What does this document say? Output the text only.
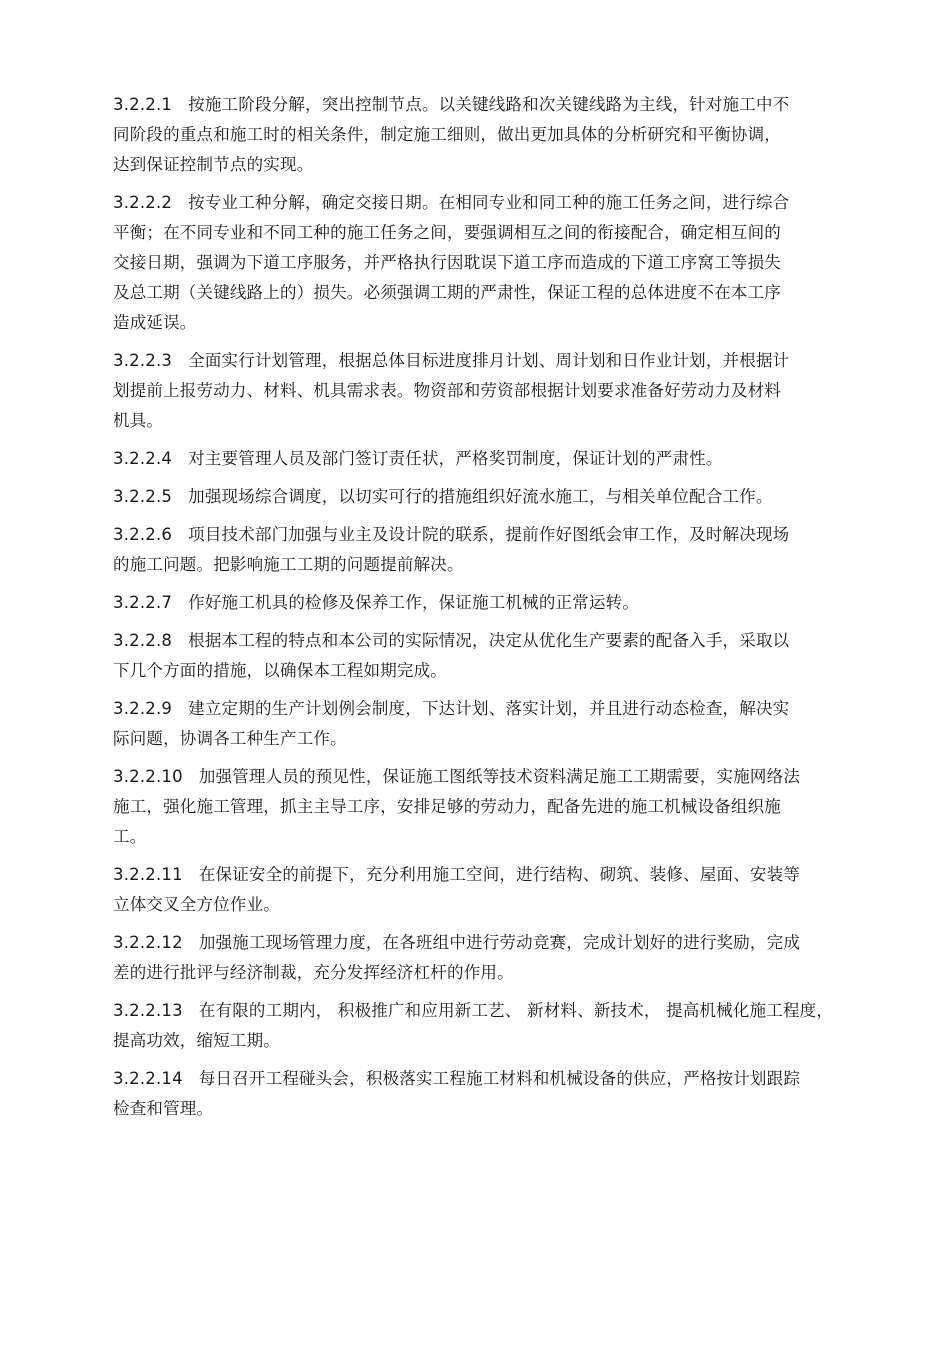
3.2.2.1 按施工阶段分解，突出控制节点。以关键线路和次关键线路为主线，针对施工中不
同阶段的重点和施工时的相关条件，制定施工细则，做出更加具体的分析研究和平衡协调，
达到保证控制节点的实现。
3.2.2.2 按专业工种分解，确定交接日期。在相同专业和同工种的施工任务之间，进行综合
平衡；在不同专业和不同工种的施工任务之间，要强调相互之间的衔接配合，确定相互间的
交接日期，强调为下道工序服务，并严格执行因耽误下道工序而造成的下道工序窝工等损失
及总工期（关键线路上的）损失。必须强调工期的严肃性，保证工程的总体进度不在本工序
造成延误。
3.2.2.3 全面实行计划管理，根据总体目标进度排月计划、周计划和日作业计划，并根据计
划提前上报劳动力、材料、机具需求表。物资部和劳资部根据计划要求准备好劳动力及材料
机具。
3.2.2.4 对主要管理人员及部门签订责任状，严格奖罚制度，保证计划的严肃性。
3.2.2.5 加强现场综合调度，以切实可行的措施组织好流水施工，与相关单位配合工作。
3.2.2.6 项目技术部门加强与业主及设计院的联系，提前作好图纸会审工作，及时解决现场
的施工问题。把影响施工工期的问题提前解决。
3.2.2.7 作好施工机具的检修及保养工作，保证施工机械的正常运转。
3.2.2.8 根据本工程的特点和本公司的实际情况，决定从优化生产要素的配备入手，采取以
下几个方面的措施，以确保本工程如期完成。
3.2.2.9 建立定期的生产计划例会制度，下达计划、落实计划，并且进行动态检查，解决实
际问题，协调各工种生产工作。
3.2.2.10 加强管理人员的预见性，保证施工图纸等技术资料满足施工工期需要，实施网络法
施工，强化施工管理，抓主主导工序，安排足够的劳动力，配备先进的施工机械设备组织施
工。
3.2.2.11 在保证安全的前提下，充分利用施工空间，进行结构、砌筑、装修、屋面、安装等
立体交叉全方位作业。
3.2.2.12 加强施工现场管理力度，在各班组中进行劳动竞赛，完成计划好的进行奖励，完成
差的进行批评与经济制裁，充分发挥经济杠杆的作用。
3.2.2.13 在有限的工期内， 积极推广和应用新工艺、 新材料、新技术， 提高机械化施工程度，
提高功效，缩短工期。
3.2.2.14 每日召开工程碰头会，积极落实工程施工材料和机械设备的供应，严格按计划跟踪
检查和管理。
